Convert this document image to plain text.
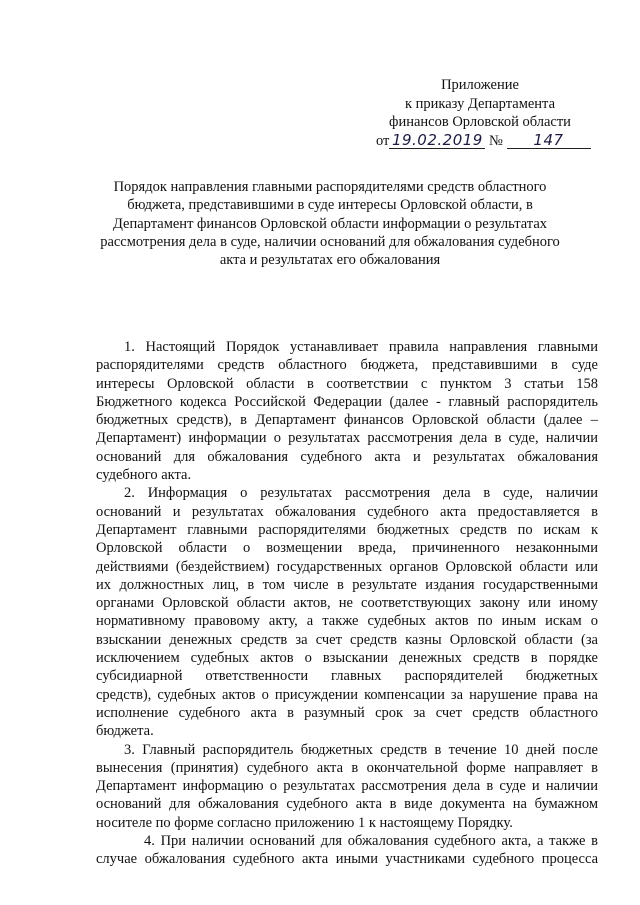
Приложение
к приказу Департамента
финансов Орловской области
от 19.02.2019 № 147
Порядок направления главными распорядителями средств областного
бюджета, представившими в суде интересы Орловской области, в
Департамент финансов Орловской области информации о результатах
рассмотрения дела в суде, наличии оснований для обжалования судебного
акта и результатах его обжалования

1. Настоящий Порядок устанавливает правила направления главными
распорядителями средств областного бюджета, представившими в суде
интересы Орловской области в соответствии с пунктом 3 статьи 158
Бюджетного кодекса Российской Федерации (далее - главный распорядитель
бюджетных средств), в Департамент финансов Орловской области (далее –
Департамент) информации о результатах рассмотрения дела в суде, наличии
оснований для обжалования судебного акта и результатах обжалования
судебного акта.

2. Информация о результатах рассмотрения дела в суде, наличии
оснований и результатах обжалования судебного акта предоставляется в
Департамент главными распорядителями бюджетных средств по искам к
Орловской области о возмещении вреда, причиненного незаконными
действиями (бездействием) государственных органов Орловской области или
их должностных лиц, в том числе в результате издания государственными
органами Орловской области актов, не соответствующих закону или иному
нормативному правовому акту, а также судебных актов по иным искам о
взыскании денежных средств за счет средств казны Орловской области (за
исключением судебных актов о взыскании денежных средств в порядке
субсидиарной ответственности главных распорядителей бюджетных
средств), судебных актов о присуждении компенсации за нарушение права на
исполнение судебного акта в разумный срок за счет средств областного
бюджета.

3. Главный распорядитель бюджетных средств в течение 10 дней после
вынесения (принятия) судебного акта в окончательной форме направляет в
Департамент информацию о результатах рассмотрения дела в суде и наличии
оснований для обжалования судебного акта в виде документа на бумажном
носителе по форме согласно приложению 1 к настоящему Порядку.

4. При наличии оснований для обжалования судебного акта, а также в
случае обжалования судебного акта иными участниками судебного процесса
